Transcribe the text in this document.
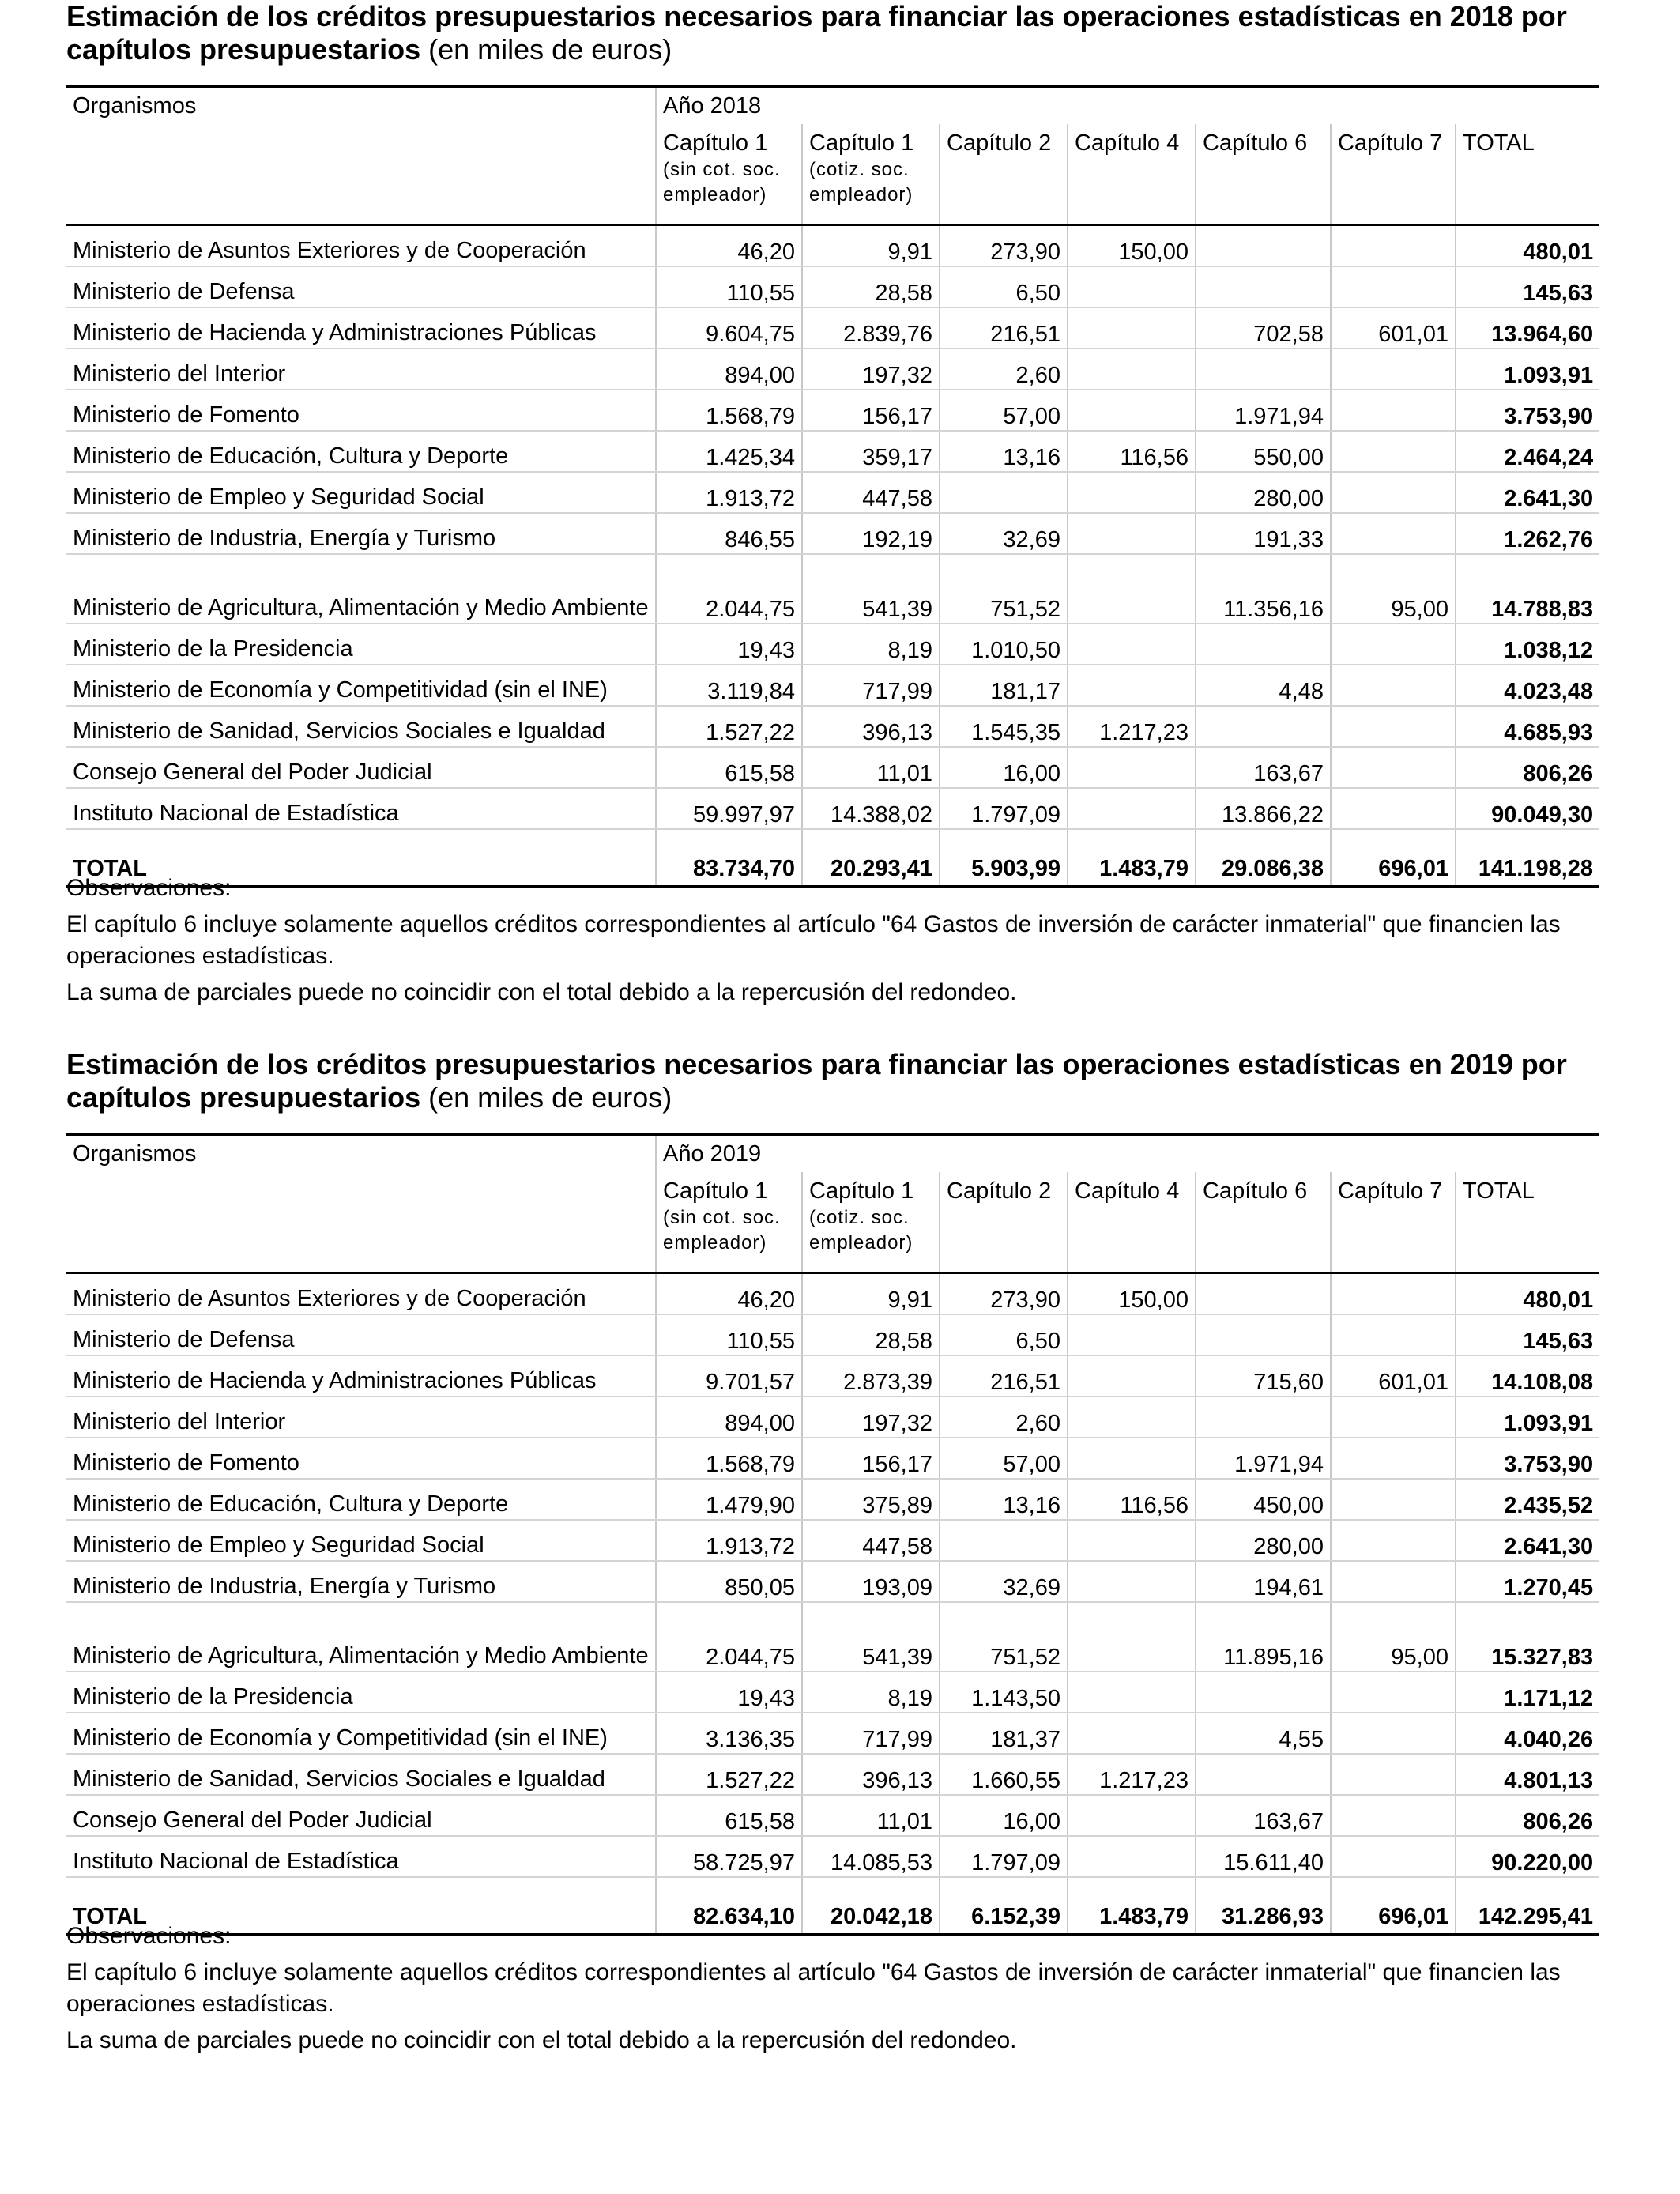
Estimación de los créditos presupuestarios necesarios para financiar las operaciones estadísticas en 2018 por capítulos presupuestarios (en miles de euros)
Organismos	Año 2018						

	Capítulo 1
(sin cot. soc.
empleador)	Capítulo 1
(cotiz. soc.
empleador)	Capítulo 2	Capítulo 4	Capítulo 6	Capítulo 7	TOTAL

Ministerio de Asuntos Exteriores y de Cooperación	46,20	9,91	273,90	150,00			480,01
Ministerio de Defensa	110,55	28,58	6,50				145,63
Ministerio de Hacienda y Administraciones Públicas	9.604,75	2.839,76	216,51		702,58	601,01	13.964,60
Ministerio del Interior	894,00	197,32	2,60				1.093,91
Ministerio de Fomento	1.568,79	156,17	57,00		1.971,94		3.753,90
Ministerio de Educación, Cultura y Deporte	1.425,34	359,17	13,16	116,56	550,00		2.464,24
Ministerio de Empleo y Seguridad Social	1.913,72	447,58			280,00		2.641,30
Ministerio de Industria, Energía y Turismo	846,55	192,19	32,69		191,33		1.262,76
Ministerio de Agricultura, Alimentación y Medio Ambiente	2.044,75	541,39	751,52		11.356,16	95,00	14.788,83
Ministerio de la Presidencia	19,43	8,19	1.010,50				1.038,12
Ministerio de Economía y Competitividad (sin el INE)	3.119,84	717,99	181,17		4,48		4.023,48
Ministerio de Sanidad, Servicios Sociales e Igualdad	1.527,22	396,13	1.545,35	1.217,23			4.685,93
Consejo General del Poder Judicial	615,58	11,01	16,00		163,67		806,26
Instituto Nacional de Estadística	59.997,97	14.388,02	1.797,09		13.866,22		90.049,30
TOTAL	83.734,70	20.293,41	5.903,99	1.483,79	29.086,38	696,01	141.198,28

Observaciones:

El capítulo 6 incluye solamente aquellos créditos correspondientes al artículo "64 Gastos de inversión de carácter inmaterial" que financien las operaciones estadísticas.

La suma de parciales puede no coincidir con el total debido a la repercusión del redondeo.

Estimación de los créditos presupuestarios necesarios para financiar las operaciones estadísticas en 2019 por capítulos presupuestarios (en miles de euros)
Organismos	Año 2019						

	Capítulo 1
(sin cot. soc.
empleador)	Capítulo 1
(cotiz. soc.
empleador)	Capítulo 2	Capítulo 4	Capítulo 6	Capítulo 7	TOTAL

Ministerio de Asuntos Exteriores y de Cooperación	46,20	9,91	273,90	150,00			480,01
Ministerio de Defensa	110,55	28,58	6,50				145,63
Ministerio de Hacienda y Administraciones Públicas	9.701,57	2.873,39	216,51		715,60	601,01	14.108,08
Ministerio del Interior	894,00	197,32	2,60				1.093,91
Ministerio de Fomento	1.568,79	156,17	57,00		1.971,94		3.753,90
Ministerio de Educación, Cultura y Deporte	1.479,90	375,89	13,16	116,56	450,00		2.435,52
Ministerio de Empleo y Seguridad Social	1.913,72	447,58			280,00		2.641,30
Ministerio de Industria, Energía y Turismo	850,05	193,09	32,69		194,61		1.270,45
Ministerio de Agricultura, Alimentación y Medio Ambiente	2.044,75	541,39	751,52		11.895,16	95,00	15.327,83
Ministerio de la Presidencia	19,43	8,19	1.143,50				1.171,12
Ministerio de Economía y Competitividad (sin el INE)	3.136,35	717,99	181,37		4,55		4.040,26
Ministerio de Sanidad, Servicios Sociales e Igualdad	1.527,22	396,13	1.660,55	1.217,23			4.801,13
Consejo General del Poder Judicial	615,58	11,01	16,00		163,67		806,26
Instituto Nacional de Estadística	58.725,97	14.085,53	1.797,09		15.611,40		90.220,00
TOTAL	82.634,10	20.042,18	6.152,39	1.483,79	31.286,93	696,01	142.295,41

Observaciones:

El capítulo 6 incluye solamente aquellos créditos correspondientes al artículo "64 Gastos de inversión de carácter inmaterial" que financien las operaciones estadísticas.

La suma de parciales puede no coincidir con el total debido a la repercusión del redondeo.
